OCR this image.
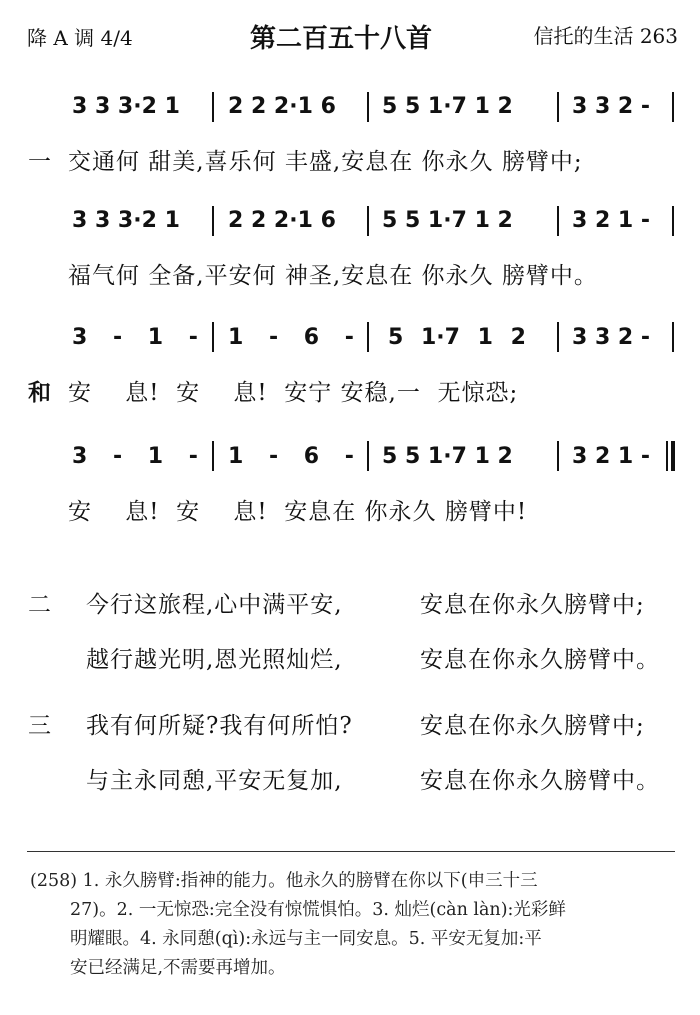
降 A 调 4/4	第二百五十八首	信托的生活 263
3 3 3·2 1 2 2 2·1 6 5 5 1·7 1 2	3 3 2 -
一 交通何 甜美,喜乐何 丰盛,安息在 你永久 膀臂中;
3 3 3·2 1 2 2 2·1 6 5 5 1·7 1 2	3 2 1 -
福气何 全备,平安何 神圣,安息在 你永久 膀臂中。
3 - 1 - 1 - 6 - 5 1·7 1 2 3 3 2 -
和 安    息!  安    息!  安宁 安稳,一  无惊恐;
3 - 1 - 1 - 6 - 5 5 1·7 1 2	3 2 1 -
安    息!  安    息!  安息在 你永久 膀臂中!
二 今行这旅程,心中满平安,	安息在你永久膀臂中;
越行越光明,恩光照灿烂,	安息在你永久膀臂中。
三 我有何所疑?我有何所怕?	安息在你永久膀臂中;
与主永同憩,平安无复加,	安息在你永久膀臂中。
(258) 1. 永久膀臂:指神的能力。他永久的膀臂在你以下(申三十三
27)。2. 一无惊恐:完全没有惊慌惧怕。3. 灿烂(càn làn):光彩鲜
明耀眼。4. 永同憩(qì):永远与主一同安息。5. 平安无复加:平
安已经满足,不需要再增加。
